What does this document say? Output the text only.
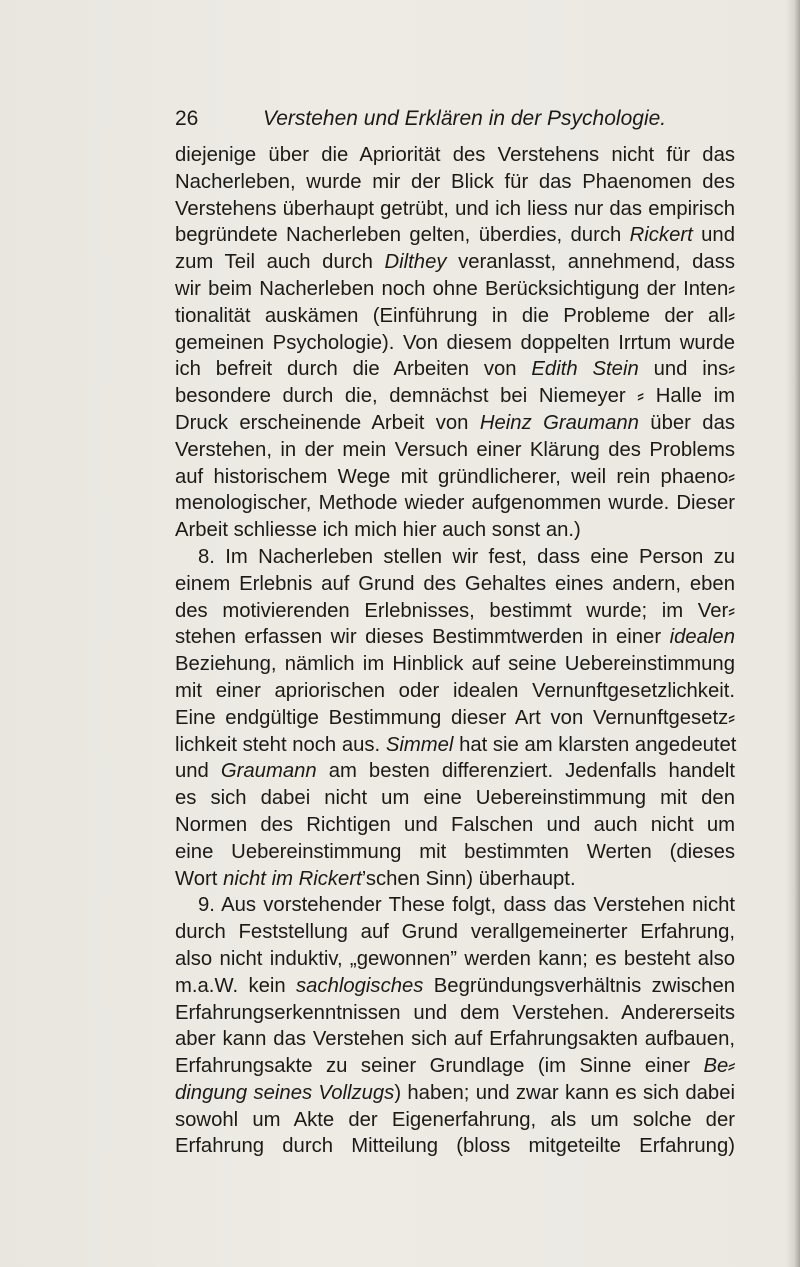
26	Verstehen und Erklären in der Psychologie.
diejenige über die Apriorität des Verstehens nicht für das
Nacherleben, wurde mir der Blick für das Phaenomen des
Verstehens überhaupt getrübt, und ich liess nur das empirisch
begründete Nacherleben gelten, überdies, durch Rickert und
zum Teil auch durch Dilthey veranlasst, annehmend, dass
wir beim Nacherleben noch ohne Berücksichtigung der Inten⸗
tionalität auskämen (Einführung in die Probleme der all⸗
gemeinen Psychologie). Von diesem doppelten Irrtum wurde
ich befreit durch die Arbeiten von Edith Stein und ins⸗
besondere durch die, demnächst bei Niemeyer ⸗ Halle im
Druck erscheinende Arbeit von Heinz Graumann über das
Verstehen, in der mein Versuch einer Klärung des Problems
auf historischem Wege mit gründlicherer, weil rein phaeno⸗
menologischer, Methode wieder aufgenommen wurde. Dieser
Arbeit schliesse ich mich hier auch sonst an.)
8. Im Nacherleben stellen wir fest, dass eine Person zu
einem Erlebnis auf Grund des Gehaltes eines andern, eben
des motivierenden Erlebnisses, bestimmt wurde; im Ver⸗
stehen erfassen wir dieses Bestimmtwerden in einer idealen
Beziehung, nämlich im Hinblick auf seine Uebereinstimmung
mit einer apriorischen oder idealen Vernunftgesetzlichkeit.
Eine endgültige Bestimmung dieser Art von Vernunftgesetz⸗
lichkeit steht noch aus. Simmel hat sie am klarsten angedeutet
und Graumann am besten differenziert. Jedenfalls handelt
es sich dabei nicht um eine Uebereinstimmung mit den
Normen des Richtigen und Falschen und auch nicht um
eine Uebereinstimmung mit bestimmten Werten (dieses
Wort nicht im Rickert’schen Sinn) überhaupt.
9. Aus vorstehender These folgt, dass das Verstehen nicht
durch Feststellung auf Grund verallgemeinerter Erfahrung,
also nicht induktiv, „gewonnen” werden kann; es besteht also
m.a.W. kein sachlogisches Begründungsverhältnis zwischen
Erfahrungserkenntnissen und dem Verstehen. Andererseits
aber kann das Verstehen sich auf Erfahrungsakten aufbauen,
Erfahrungsakte zu seiner Grundlage (im Sinne einer Be⸗
dingung seines Vollzugs) haben; und zwar kann es sich dabei
sowohl um Akte der Eigenerfahrung, als um solche der
Erfahrung durch Mitteilung (bloss mitgeteilte Erfahrung)
